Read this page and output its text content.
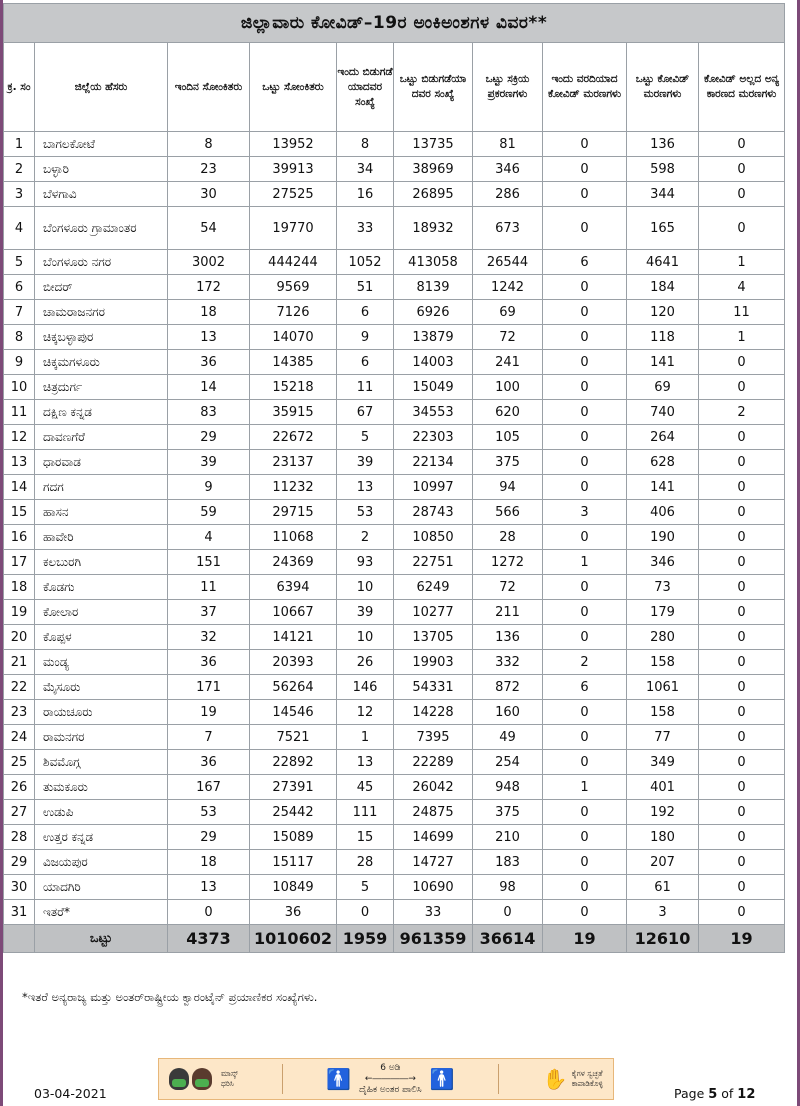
ಜಿಲ್ಲಾವಾರು ಕೋವಿಡ್–19ರ ಅಂಕಿಅಂಶಗಳ ವಿವರ**									
ಕ್ರ. ಸಂ	ಜಿಲ್ಲೆಯ ಹೆಸರು	ಇಂದಿನ ಸೋಂಕಿತರು	ಒಟ್ಟು ಸೋಂಕಿತರು	ಇಂದು ಬಿಡುಗಡೆ ಯಾದವರ ಸಂಖ್ಯೆ	ಒಟ್ಟು ಬಿಡುಗಡೆಯಾ ದವರ ಸಂಖ್ಯೆ	ಒಟ್ಟು ಸಕ್ರಿಯ ಪ್ರಕರಣಗಳು	ಇಂದು ವರದಿಯಾದ ಕೋವಿಡ್ ಮರಣಗಳು	ಒಟ್ಟು ಕೋವಿಡ್ ಮರಣಗಳು	ಕೋವಿಡ್ ಅಲ್ಲದ ಅನ್ಯ ಕಾರಣದ ಮರಣಗಳು
1	ಬಾಗಲಕೋಟೆ	8	13952	8	13735	81	0	136	0
2	ಬಳ್ಳಾರಿ	23	39913	34	38969	346	0	598	0
3	ಬೆಳಗಾವಿ	30	27525	16	26895	286	0	344	0
4	ಬೆಂಗಳೂರು ಗ್ರಾಮಾಂತರ	54	19770	33	18932	673	0	165	0
5	ಬೆಂಗಳೂರು ನಗರ	3002	444244	1052	413058	26544	6	4641	1
6	ಬೀದರ್	172	9569	51	8139	1242	0	184	4
7	ಚಾಮರಾಜನಗರ	18	7126	6	6926	69	0	120	11
8	ಚಿಕ್ಕಬಳ್ಳಾಪುರ	13	14070	9	13879	72	0	118	1
9	ಚಿಕ್ಕಮಗಳೂರು	36	14385	6	14003	241	0	141	0
10	ಚಿತ್ರದುರ್ಗ	14	15218	11	15049	100	0	69	0
11	ದಕ್ಷಿಣ ಕನ್ನಡ	83	35915	67	34553	620	0	740	2
12	ದಾವಣಗೆರೆ	29	22672	5	22303	105	0	264	0
13	ಧಾರವಾಡ	39	23137	39	22134	375	0	628	0
14	ಗದಗ	9	11232	13	10997	94	0	141	0
15	ಹಾಸನ	59	29715	53	28743	566	3	406	0
16	ಹಾವೇರಿ	4	11068	2	10850	28	0	190	0
17	ಕಲಬುರಗಿ	151	24369	93	22751	1272	1	346	0
18	ಕೊಡಗು	11	6394	10	6249	72	0	73	0
19	ಕೋಲಾರ	37	10667	39	10277	211	0	179	0
20	ಕೊಪ್ಪಳ	32	14121	10	13705	136	0	280	0
21	ಮಂಡ್ಯ	36	20393	26	19903	332	2	158	0
22	ಮೈಸೂರು	171	56264	146	54331	872	6	1061	0
23	ರಾಯಚೂರು	19	14546	12	14228	160	0	158	0
24	ರಾಮನಗರ	7	7521	1	7395	49	0	77	0
25	ಶಿವಮೊಗ್ಗ	36	22892	13	22289	254	0	349	0
26	ತುಮಕೂರು	167	27391	45	26042	948	1	401	0
27	ಉಡುಪಿ	53	25442	111	24875	375	0	192	0
28	ಉತ್ತರ ಕನ್ನಡ	29	15089	15	14699	210	0	180	0
29	ವಿಜಯಪುರ	18	15117	28	14727	183	0	207	0
30	ಯಾದಗಿರಿ	13	10849	5	10690	98	0	61	0
31	ಇತರೆ*	0	36	0	33	0	0	3	0
	ಒಟ್ಟು	4373	1010602	1959	961359	36614	19	12610	19
*ಇತರೆ ಅನ್ಯರಾಜ್ಯ ಮತ್ತು ಅಂತರ್‌ರಾಷ್ಟ್ರೀಯ ಕ್ವಾರಂಟೈನ್ ಪ್ರಯಾಣಿಕರ ಸಂಖ್ಯೆಗಳು.
03-04-2021
ಮಾಸ್ಕ್
ಧರಿಸಿ	🚹	6 ಅಡಿ
←――――→
ದೈಹಿಕ ಅಂತರ ಪಾಲಿಸಿ 🚹	✋ ಕೈಗಳ ಸ್ವಚ್ಛತೆ
ಕಾಪಾಡಿಕೊಳ್ಳಿ
Page 5 of 12
